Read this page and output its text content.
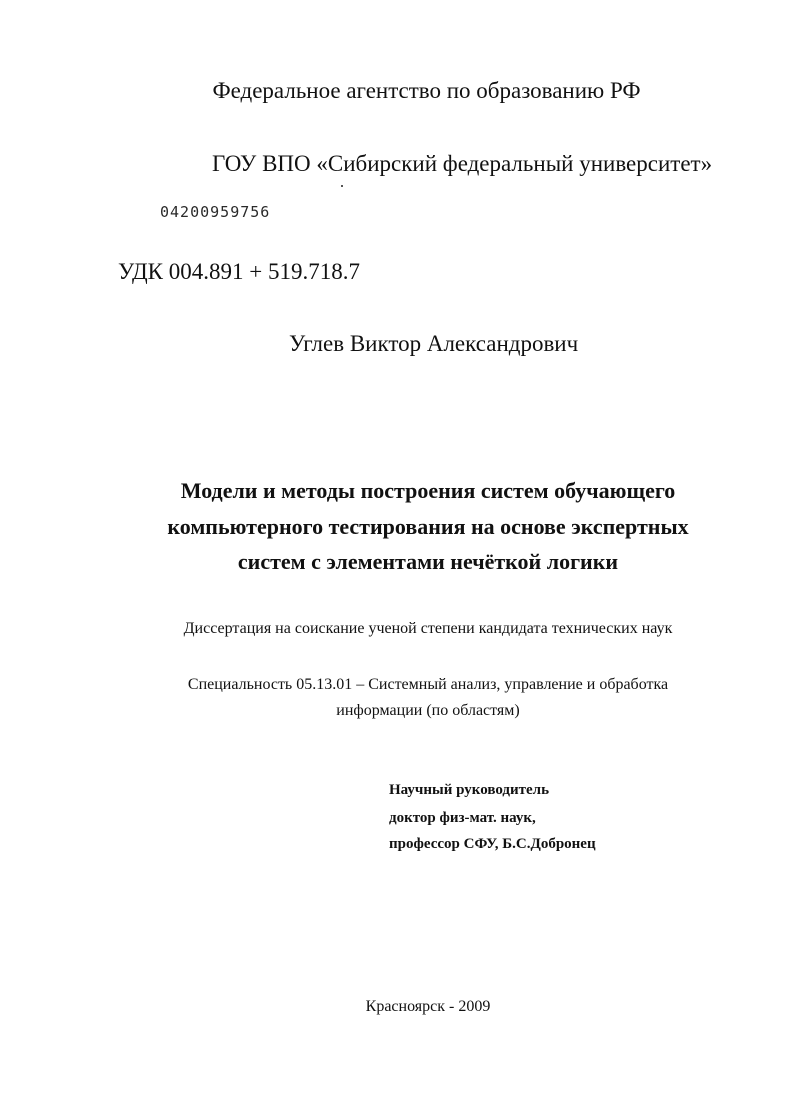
Федеральное агентство по образованию РФ
ГОУ ВПО «Сибирский федеральный университет»
04200959756
УДК 004.891 + 519.718.7
Углев Виктор Александрович
Модели и методы построения систем обучающего
компьютерного тестирования на основе экспертных
систем с элементами нечёткой логики
Диссертация на соискание ученой степени кандидата технических наук
Специальность 05.13.01 – Системный анализ, управление и обработка
информации (по областям)
Научный руководитель
доктор физ-мат. наук,
профессор СФУ, Б.С.Добронец
Красноярск - 2009
